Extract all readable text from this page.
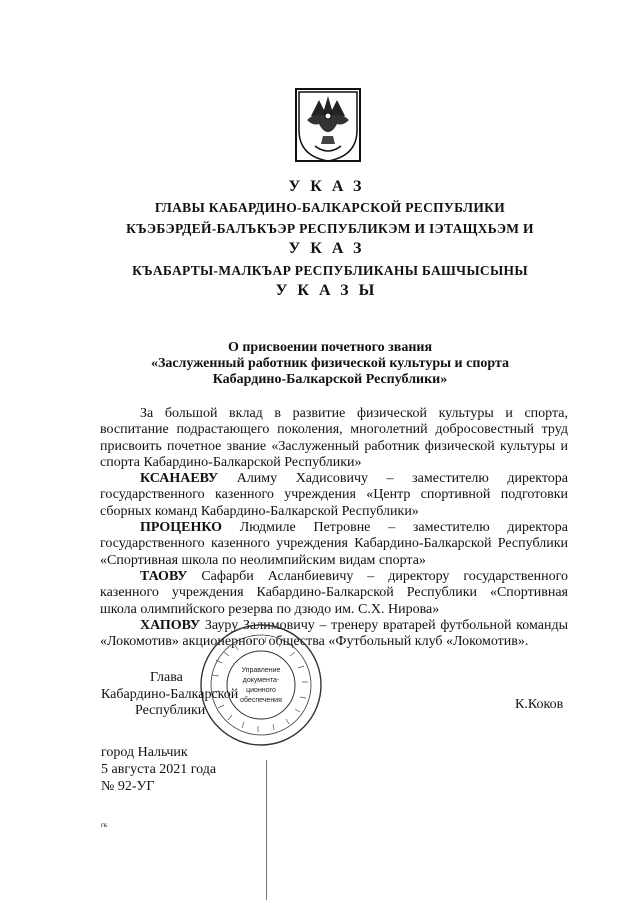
УКАЗ
ГЛАВЫ КАБАРДИНО-БАЛКАРСКОЙ РЕСПУБЛИКИ
КЪЭБЭРДЕЙ-БАЛЪКЪЭР РЕСПУБЛИКЭМ И IЭТАЩХЬЭМ И
УКАЗ
КЪАБАРТЫ-МАЛКЪАР РЕСПУБЛИКАНЫ БАШЧЫСЫНЫ
УКАЗЫ
О присвоении почетного звания
«Заслуженный работник физической культуры и спорта
Кабардино-Балкарской Республики»

За большой вклад в развитие физической культуры и спорта, воспитание подрастающего поколения, многолетний добросовестный труд присвоить почетное звание «Заслуженный работник физической культуры и спорта Кабардино-Балкарской Республики»

КСАНАЕВУ Алиму Хадисовичу – заместителю директора государственного казенного учреждения «Центр спортивной подготовки сборных команд Кабардино-Балкарской Республики»

ПРОЦЕНКО Людмиле Петровне – заместителю директора государственного казенного учреждения Кабардино-Балкарской Республики «Спортивная школа по неолимпийским видам спорта»

ТАОВУ Сафарби Асланбиевичу – директору государственного казенного учреждения Кабардино-Балкарской Республики «Спортивная школа олимпийского резерва по дзюдо им. С.Х. Нирова»

ХАПОВУ Зауру Залимовичу – тренеру вратарей футбольной команды «Локомотив» акционерного общества «Футбольный клуб «Локомотив».

Управление
документа-
ционного
обеспечения
Глава
Кабардино-Балкарской
Республики	К.Коков
город Нальчик
5 августа 2021 года
№ 92-УГ
гк
